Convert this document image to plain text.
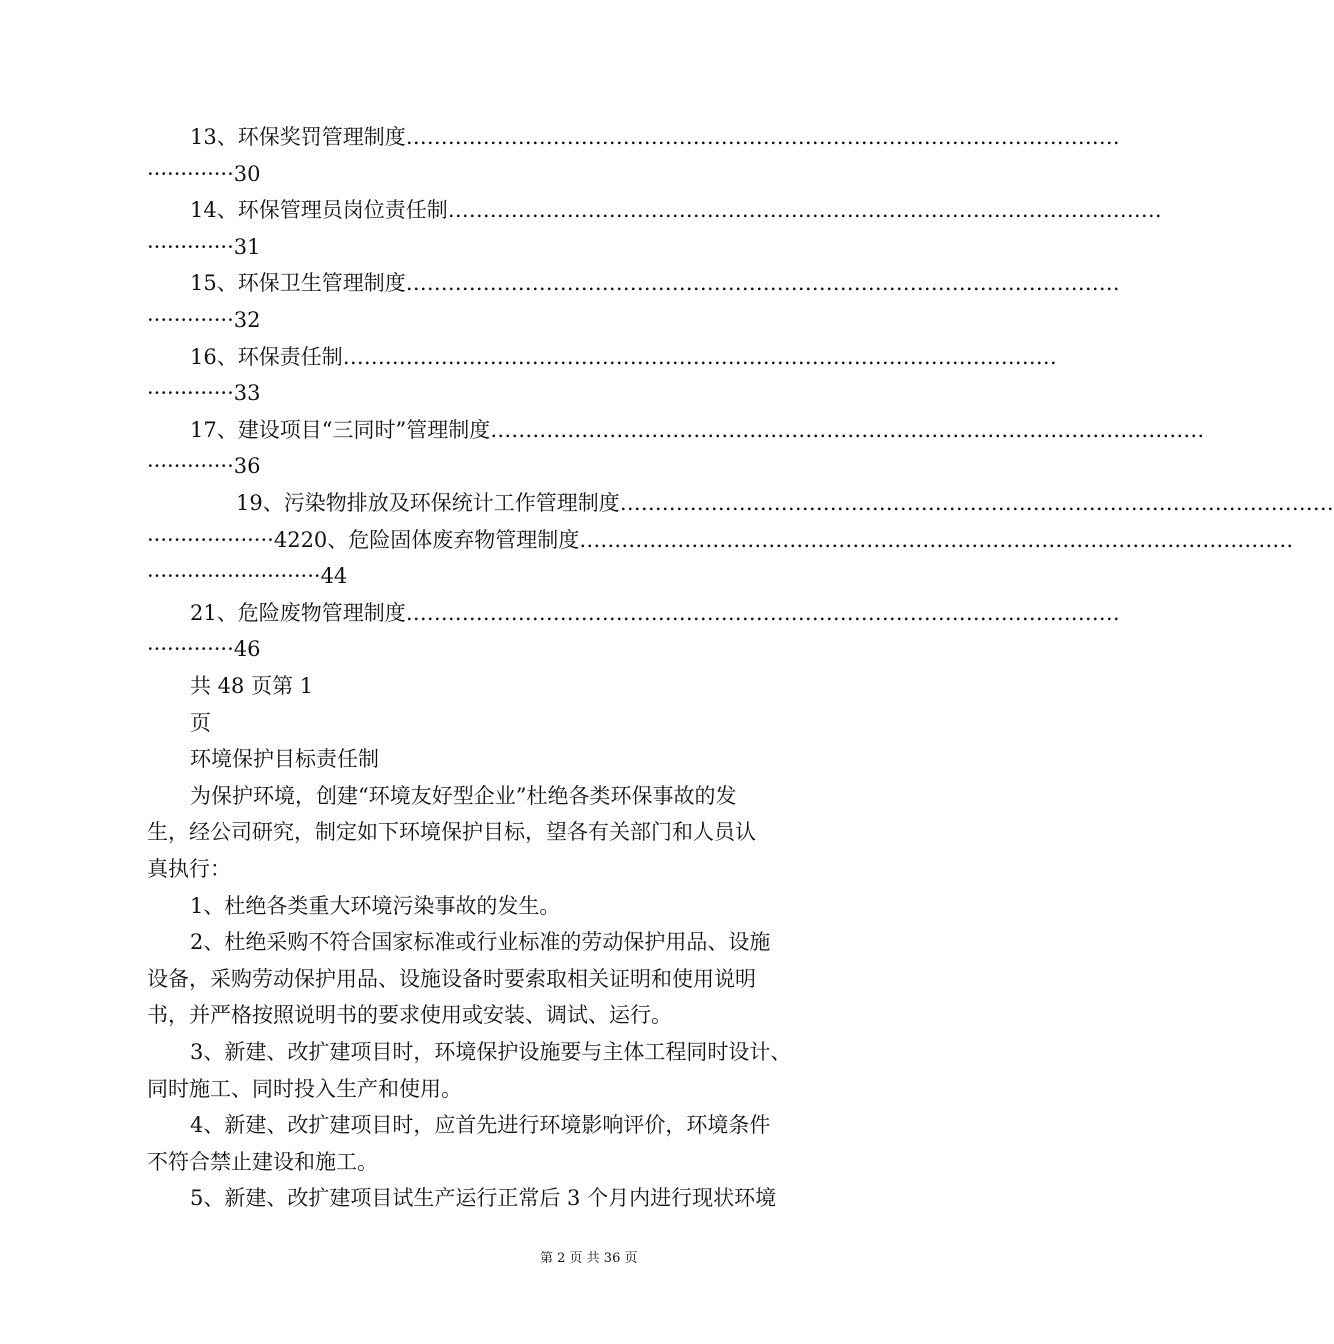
13、环保奖罚管理制度 …………………………………………………………………………………………
············· 30
14、环保管理员岗位责任制 …………………………………………………………………………………………
············· 31
15、环保卫生管理制度 …………………………………………………………………………………………
············· 32
16、环保责任制 …………………………………………………………………………………………
············· 33
17、建设项目“三同时”管理制度 …………………………………………………………………………………………
············· 36
19、污染物排放及环保统计工作管理制度 …………………………………………………………………………………………
··················· 4220、危险固体废弃物管理制度 …………………………………………………………………………………………
·························· 44
21、危险废物管理制度 …………………………………………………………………………………………
············· 46
共 48 页第 1
页
环境保护目标责任制
为保护环境，创建“环境友好型企业”杜绝各类环保事故的发
生，经公司研究，制定如下环境保护目标，望各有关部门和人员认
真执行：
1、杜绝各类重大环境污染事故的发生。
2、杜绝采购不符合国家标准或行业标准的劳动保护用品、设施
设备，采购劳动保护用品、设施设备时要索取相关证明和使用说明
书，并严格按照说明书的要求使用或安装、调试、运行。
3、新建、改扩建项目时，环境保护设施要与主体工程同时设计、
同时施工、同时投入生产和使用。
4、新建、改扩建项目时，应首先进行环境影响评价，环境条件
不符合禁止建设和施工。
5、新建、改扩建项目试生产运行正常后 3 个月内进行现状环境
第 2 页 共 36 页
